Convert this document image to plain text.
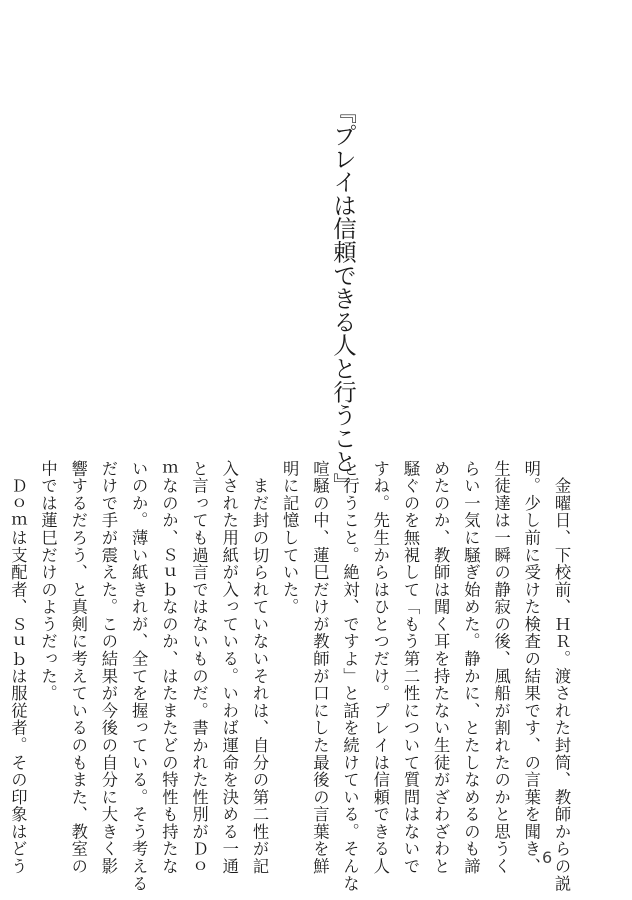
『プレイは信頼できる人と行うこと』

　金曜日、下校前、ＨＲ。渡された封筒、教師からの説

明。少し前に受けた検査の結果です、の言葉を聞き、

生徒達は一瞬の静寂の後、風船が割れたのかと思うく

らい一気に騒ぎ始めた。静かに、とたしなめるのも諦

めたのか、教師は聞く耳を持たない生徒がざわざわと

騒ぐのを無視して「もう第二性について質問はないで

すね。先生からはひとつだけ。プレイは信頼できる人

と行うこと。絶対、ですよ」と話を続けている。そんな

喧騒の中、蓮巳だけが教師が口にした最後の言葉を鮮

明に記憶していた。

　まだ封の切られていないそれは、自分の第二性が記

入された用紙が入っている。いわば運命を決める一通

と言っても過言ではないものだ。書かれた性別がＤｏ

ｍなのか、Ｓｕｂなのか、はたまたどの特性も持たな

いのか。薄い紙きれが、全てを握っている。そう考える

だけで手が震えた。この結果が今後の自分に大きく影

響するだろう、と真剣に考えているのもまた、教室の

中では蓮巳だけのようだった。

　Ｄｏｍは支配者、Ｓｕｂは服従者。その印象はどう	6
